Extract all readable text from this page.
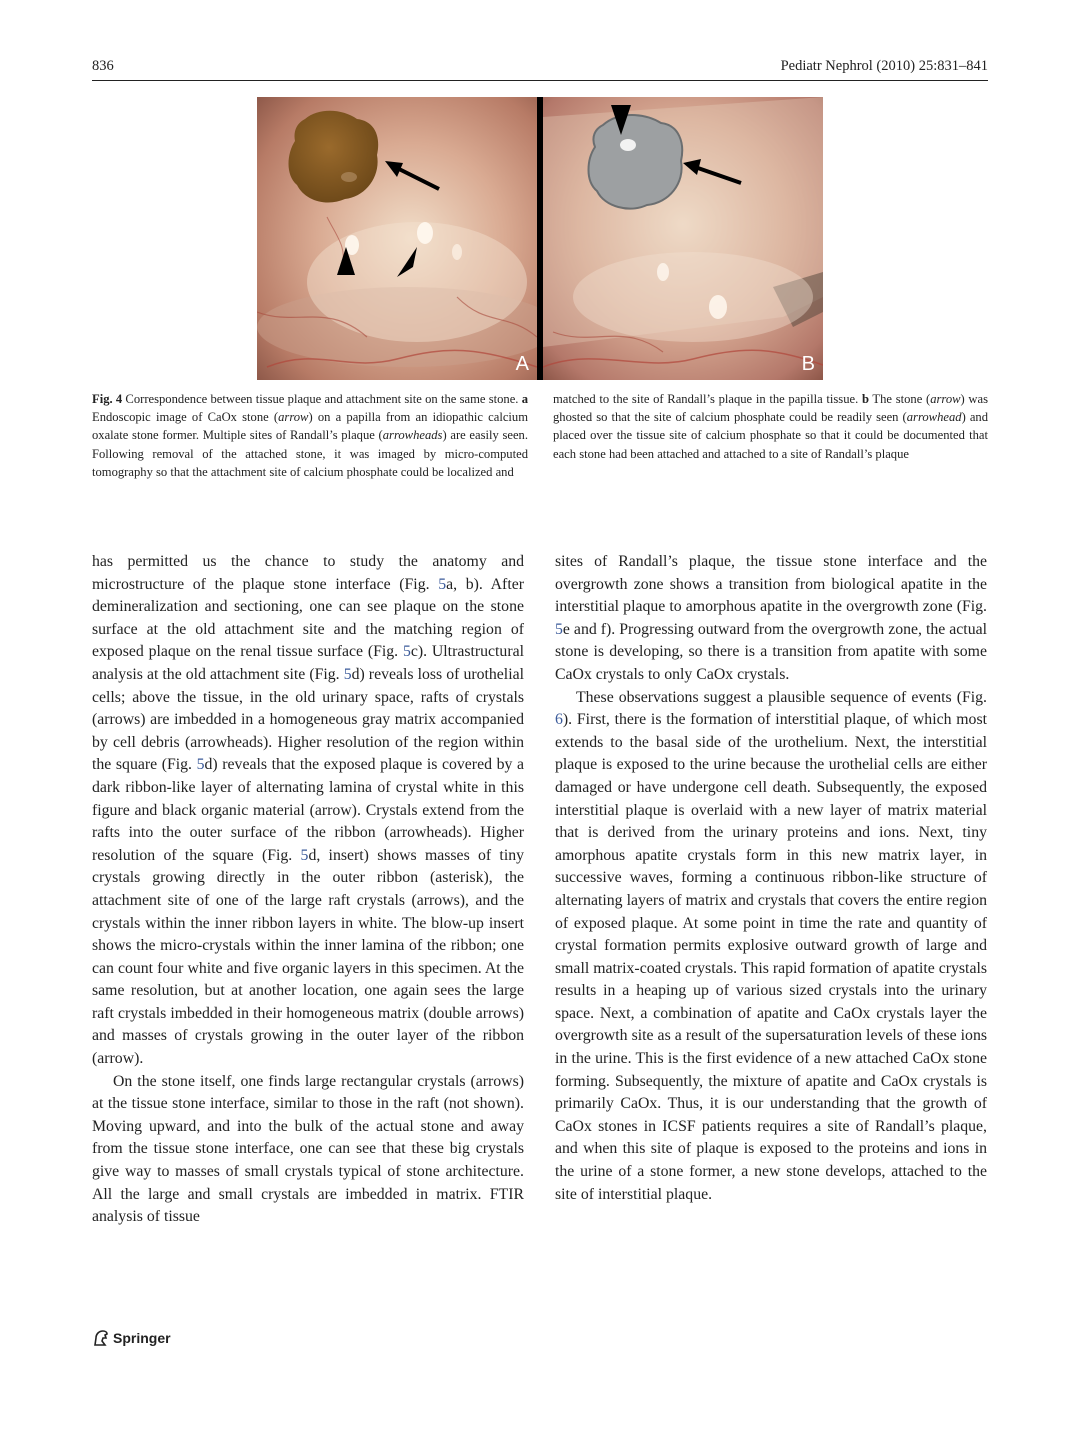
836	Pediatr Nephrol (2010) 25:831–841
A	B
Fig. 4 Correspondence between tissue plaque and attachment site on the same stone. a Endoscopic image of CaOx stone (arrow) on a papilla from an idiopathic calcium oxalate stone former. Multiple sites of Randall’s plaque (arrowheads) are easily seen. Following removal of the attached stone, it was imaged by micro-computed tomography so that the attachment site of calcium phosphate could be localized and
matched to the site of Randall’s plaque in the papilla tissue. b The stone (arrow) was ghosted so that the site of calcium phosphate could be readily seen (arrowhead) and placed over the tissue site of calcium phosphate so that it could be documented that each stone had been attached and attached to a site of Randall’s plaque

has permitted us the chance to study the anatomy and microstructure of the plaque stone interface (Fig. 5a, b). After demineralization and sectioning, one can see plaque on the stone surface at the old attachment site and the matching region of exposed plaque on the renal tissue surface (Fig. 5c). Ultrastructural analysis at the old attachment site (Fig. 5d) reveals loss of urothelial cells; above the tissue, in the old urinary space, rafts of crystals (arrows) are imbedded in a homogeneous gray matrix accompanied by cell debris (arrowheads). Higher resolution of the region within the square (Fig. 5d) reveals that the exposed plaque is covered by a dark ribbon-like layer of alternating lamina of crystal white in this figure and black organic material (arrow). Crystals extend from the rafts into the outer surface of the ribbon (arrowheads). Higher resolution of the square (Fig. 5d, insert) shows masses of tiny crystals growing directly in the outer ribbon (asterisk), the attachment site of one of the large raft crystals (arrows), and the crystals within the inner ribbon layers in white. The blow-up insert shows the micro-crystals within the inner lamina of the ribbon; one can count four white and five organic layers in this specimen. At the same resolution, but at another location, one again sees the large raft crystals imbedded in their homogeneous matrix (double arrows) and masses of crystals growing in the outer layer of the ribbon (arrow).

On the stone itself, one finds large rectangular crystals (arrows) at the tissue stone interface, similar to those in the raft (not shown). Moving upward, and into the bulk of the actual stone and away from the tissue stone interface, one can see that these big crystals give way to masses of small crystals typical of stone architecture. All the large and small crystals are imbedded in matrix. FTIR analysis of tissue

sites of Randall’s plaque, the tissue stone interface and the overgrowth zone shows a transition from biological apatite in the interstitial plaque to amorphous apatite in the overgrowth zone (Fig. 5e and f). Progressing outward from the overgrowth zone, the actual stone is developing, so there is a transition from apatite with some CaOx crystals to only CaOx crystals.

These observations suggest a plausible sequence of events (Fig. 6). First, there is the formation of interstitial plaque, of which most extends to the basal side of the urothelium. Next, the interstitial plaque is exposed to the urine because the urothelial cells are either damaged or have undergone cell death. Subsequently, the exposed interstitial plaque is overlaid with a new layer of matrix material that is derived from the urinary proteins and ions. Next, tiny amorphous apatite crystals form in this new matrix layer, in successive waves, forming a continuous ribbon-like structure of alternating layers of matrix and crystals that covers the entire region of exposed plaque. At some point in time the rate and quantity of crystal formation permits explosive outward growth of large and small matrix-coated crystals. This rapid formation of apatite crystals results in a heaping up of various sized crystals into the urinary space. Next, a combination of apatite and CaOx crystals layer the overgrowth site as a result of the supersaturation levels of these ions in the urine. This is the first evidence of a new attached CaOx stone forming. Subsequently, the mixture of apatite and CaOx crystals is primarily CaOx. Thus, it is our understanding that the growth of CaOx stones in ICSF patients requires a site of Randall’s plaque, and when this site of plaque is exposed to the proteins and ions in the urine of a stone former, a new stone develops, attached to the site of interstitial plaque.

Springer
